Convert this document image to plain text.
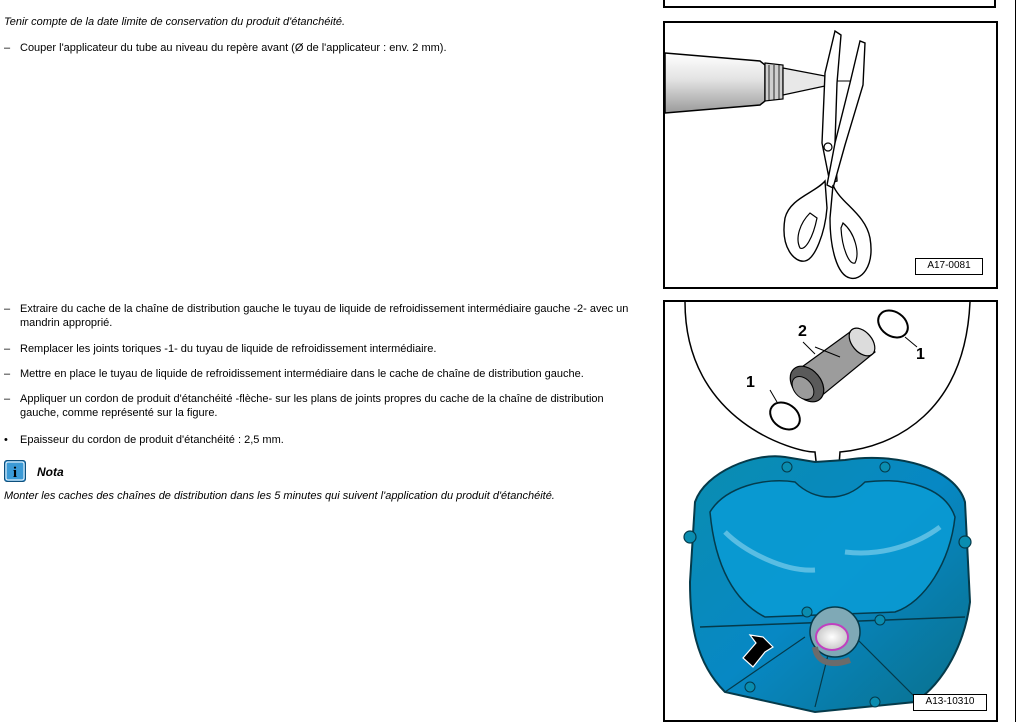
Tenir compte de la date limite de conservation du produit d'étanchéité.
– Couper l'applicateur du tube au niveau du repère avant (Ø de l'applicateur : env. 2 mm).
– Extraire du cache de la chaîne de distribution gauche le tuyau de liquide de refroidissement intermédiaire gauche -2- avec un mandrin approprié.
– Remplacer les joints toriques -1- du tuyau de liquide de refroidissement intermédiaire.
– Mettre en place le tuyau de liquide de refroidissement intermédiaire dans le cache de chaîne de distribution gauche.
– Appliquer un cordon de produit d'étanchéité -flèche- sur les plans de joints propres du cache de la chaîne de distribution gauche, comme représenté sur la figure.
•	Epaisseur du cordon de produit d'étanchéité : 2,5 mm.
i Nota
Monter les caches des chaînes de distribution dans les 5 minutes qui suivent l'application du produit d'étanchéité.
A17-0081
2
1
1
A13-10310
